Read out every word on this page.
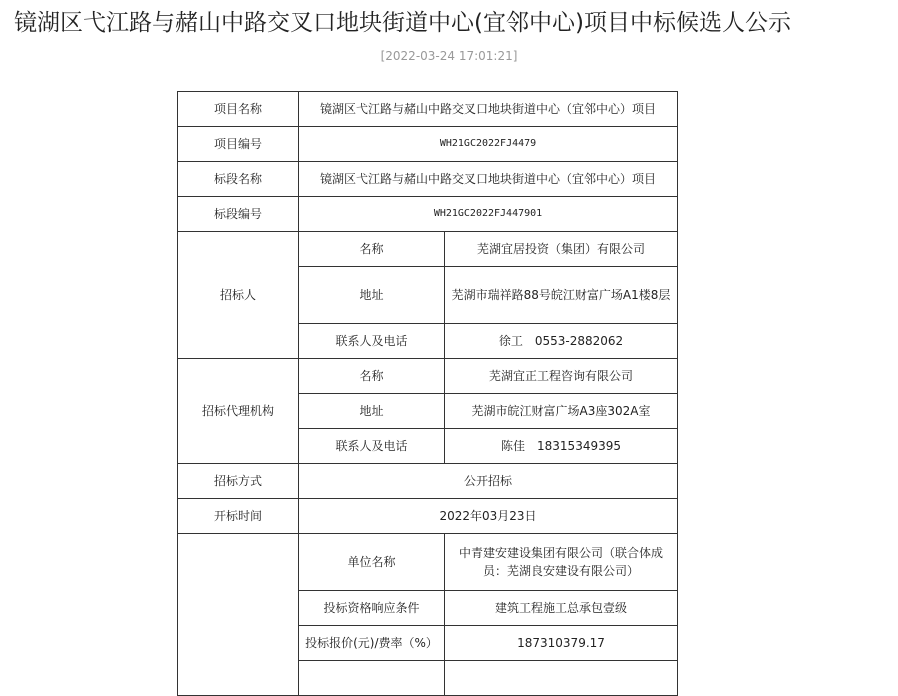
镜湖区弋江路与赭山中路交叉口地块街道中心(宜邻中心)项目中标候选人公示
[2022-03-24 17:01:21]
项目名称	镜湖区弋江路与赭山中路交叉口地块街道中心（宜邻中心）项目	
项目编号	WH21GC2022FJ4479	
标段名称	镜湖区弋江路与赭山中路交叉口地块街道中心（宜邻中心）项目	
标段编号	WH21GC2022FJ447901	
招标人	名称	芜湖宜居投资（集团）有限公司
	地址	芜湖市瑞祥路88号皖江财富广场A1楼8层
	联系人及电话	徐工　0553-2882062
招标代理机构	名称	芜湖宜正工程咨询有限公司
	地址	芜湖市皖江财富广场A3座302A室
	联系人及电话	陈佳　18315349395
招标方式	公开招标	
开标时间	2022年03月23日	
	单位名称	中青建安建设集团有限公司（联合体成员：芜湖良安建设有限公司）
	投标资格响应条件	建筑工程施工总承包壹级
	投标报价(元)/费率（%）	187310379.17
